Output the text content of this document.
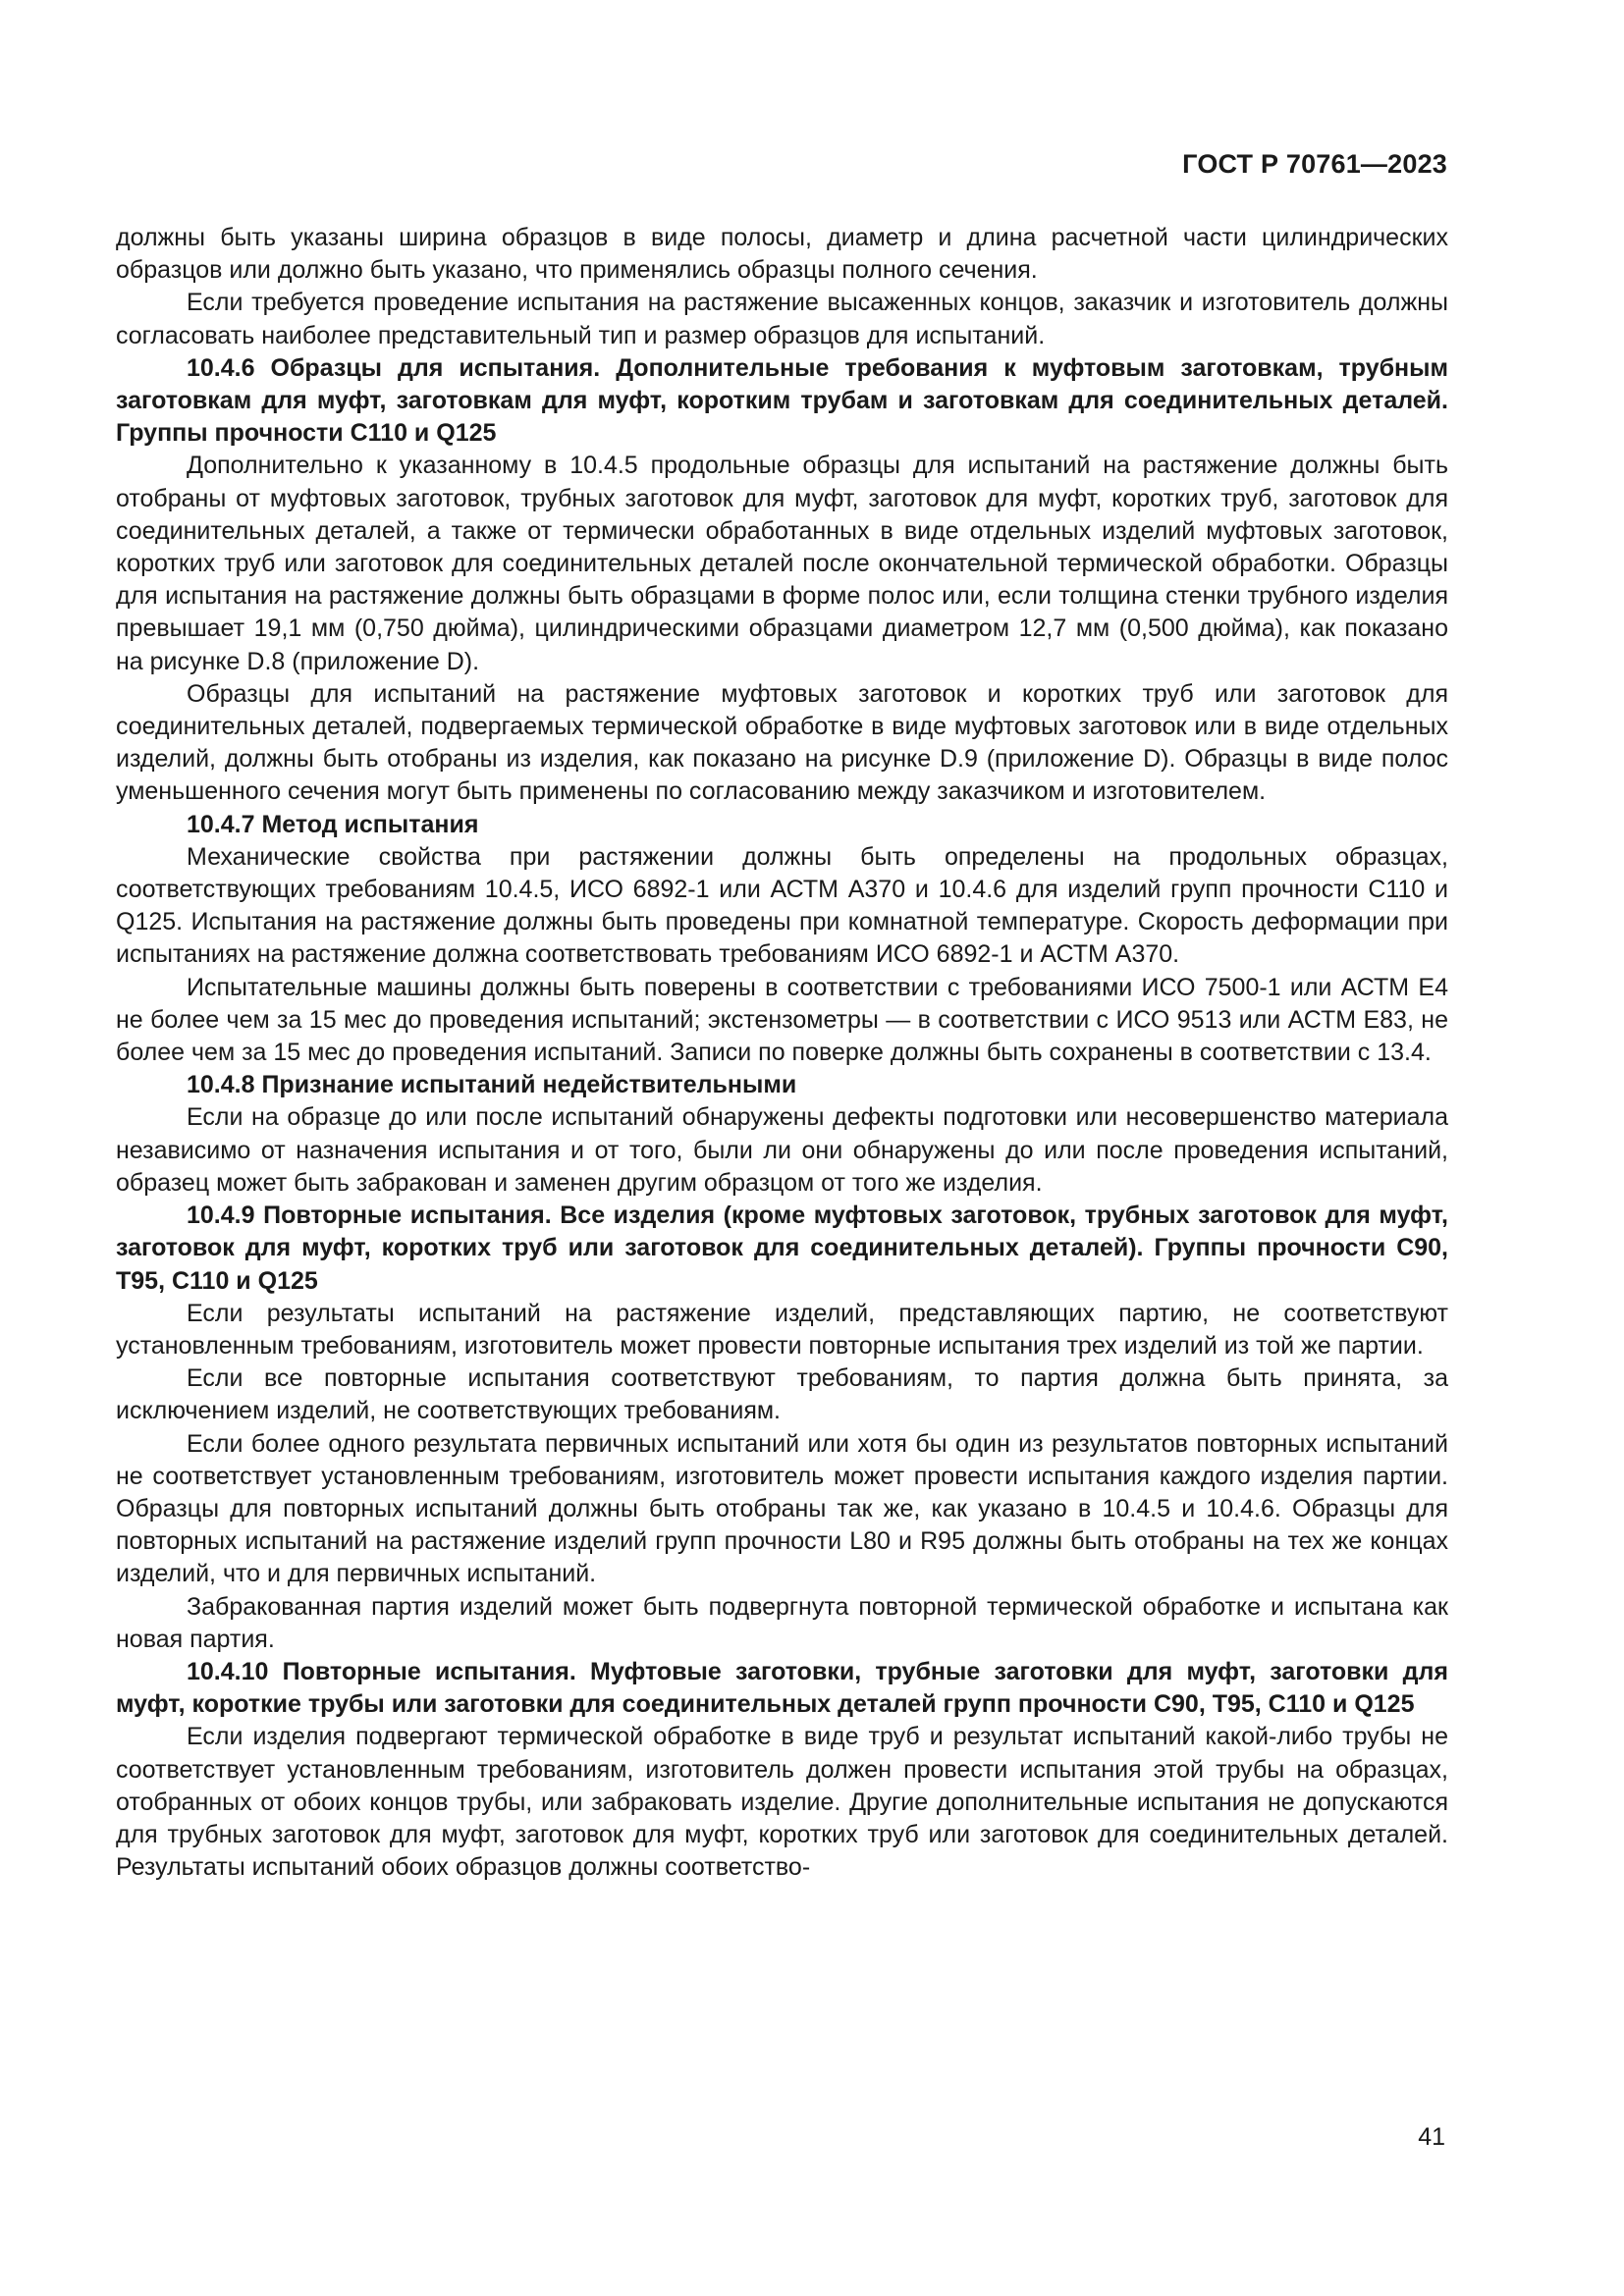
ГОСТ Р 70761—2023

должны быть указаны ширина образцов в виде полосы, диаметр и длина расчетной части цилиндрических образцов или должно быть указано, что применялись образцы полного сечения.

Если требуется проведение испытания на растяжение высаженных концов, заказчик и изготовитель должны согласовать наиболее представительный тип и размер образцов для испытаний.

10.4.6 Образцы для испытания. Дополнительные требования к муфтовым заготовкам, трубным заготовкам для муфт, заготовкам для муфт, коротким трубам и заготовкам для соединительных деталей. Группы прочности С110 и Q125

Дополнительно к указанному в 10.4.5 продольные образцы для испытаний на растяжение должны быть отобраны от муфтовых заготовок, трубных заготовок для муфт, заготовок для муфт, коротких труб, заготовок для соединительных деталей, а также от термически обработанных в виде отдельных изделий муфтовых заготовок, коротких труб или заготовок для соединительных деталей после окончательной термической обработки. Образцы для испытания на растяжение должны быть образцами в форме полос или, если толщина стенки трубного изделия превышает 19,1 мм (0,750 дюйма), цилиндрическими образцами диаметром 12,7 мм (0,500 дюйма), как показано на рисунке D.8 (приложение D).

Образцы для испытаний на растяжение муфтовых заготовок и коротких труб или заготовок для соединительных деталей, подвергаемых термической обработке в виде муфтовых заготовок или в виде отдельных изделий, должны быть отобраны из изделия, как показано на рисунке D.9 (приложение D). Образцы в виде полос уменьшенного сечения могут быть применены по согласованию между заказчиком и изготовителем.

10.4.7 Метод испытания

Механические свойства при растяжении должны быть определены на продольных образцах, соответствующих требованиям 10.4.5, ИСО 6892-1 или АСТМ А370 и 10.4.6 для изделий групп прочности С110 и Q125. Испытания на растяжение должны быть проведены при комнатной температуре. Скорость деформации при испытаниях на растяжение должна соответствовать требованиям ИСО 6892-1 и АСТМ А370.

Испытательные машины должны быть поверены в соответствии с требованиями ИСО 7500-1 или АСТМ Е4 не более чем за 15 мес до проведения испытаний; экстензометры — в соответствии с ИСО 9513 или АСТМ Е83, не более чем за 15 мес до проведения испытаний. Записи по поверке должны быть сохранены в соответствии с 13.4.

10.4.8 Признание испытаний недействительными

Если на образце до или после испытаний обнаружены дефекты подготовки или несовершенство материала независимо от назначения испытания и от того, были ли они обнаружены до или после проведения испытаний, образец может быть забракован и заменен другим образцом от того же изделия.

10.4.9 Повторные испытания. Все изделия (кроме муфтовых заготовок, трубных заготовок для муфт, заготовок для муфт, коротких труб или заготовок для соединительных деталей). Группы прочности С90, Т95, С110 и Q125

Если результаты испытаний на растяжение изделий, представляющих партию, не соответствуют установленным требованиям, изготовитель может провести повторные испытания трех изделий из той же партии.

Если все повторные испытания соответствуют требованиям, то партия должна быть принята, за исключением изделий, не соответствующих требованиям.

Если более одного результата первичных испытаний или хотя бы один из результатов повторных испытаний не соответствует установленным требованиям, изготовитель может провести испытания каждого изделия партии. Образцы для повторных испытаний должны быть отобраны так же, как указано в 10.4.5 и 10.4.6. Образцы для повторных испытаний на растяжение изделий групп прочности L80 и R95 должны быть отобраны на тех же концах изделий, что и для первичных испытаний.

Забракованная партия изделий может быть подвергнута повторной термической обработке и испытана как новая партия.

10.4.10 Повторные испытания. Муфтовые заготовки, трубные заготовки для муфт, заготовки для муфт, короткие трубы или заготовки для соединительных деталей групп прочности С90, Т95, С110 и Q125

Если изделия подвергают термической обработке в виде труб и результат испытаний какой-либо трубы не соответствует установленным требованиям, изготовитель должен провести испытания этой трубы на образцах, отобранных от обоих концов трубы, или забраковать изделие. Другие дополнительные испытания не допускаются для трубных заготовок для муфт, заготовок для муфт, коротких труб или заготовок для соединительных деталей. Результаты испытаний обоих образцов должны соответство-

41
